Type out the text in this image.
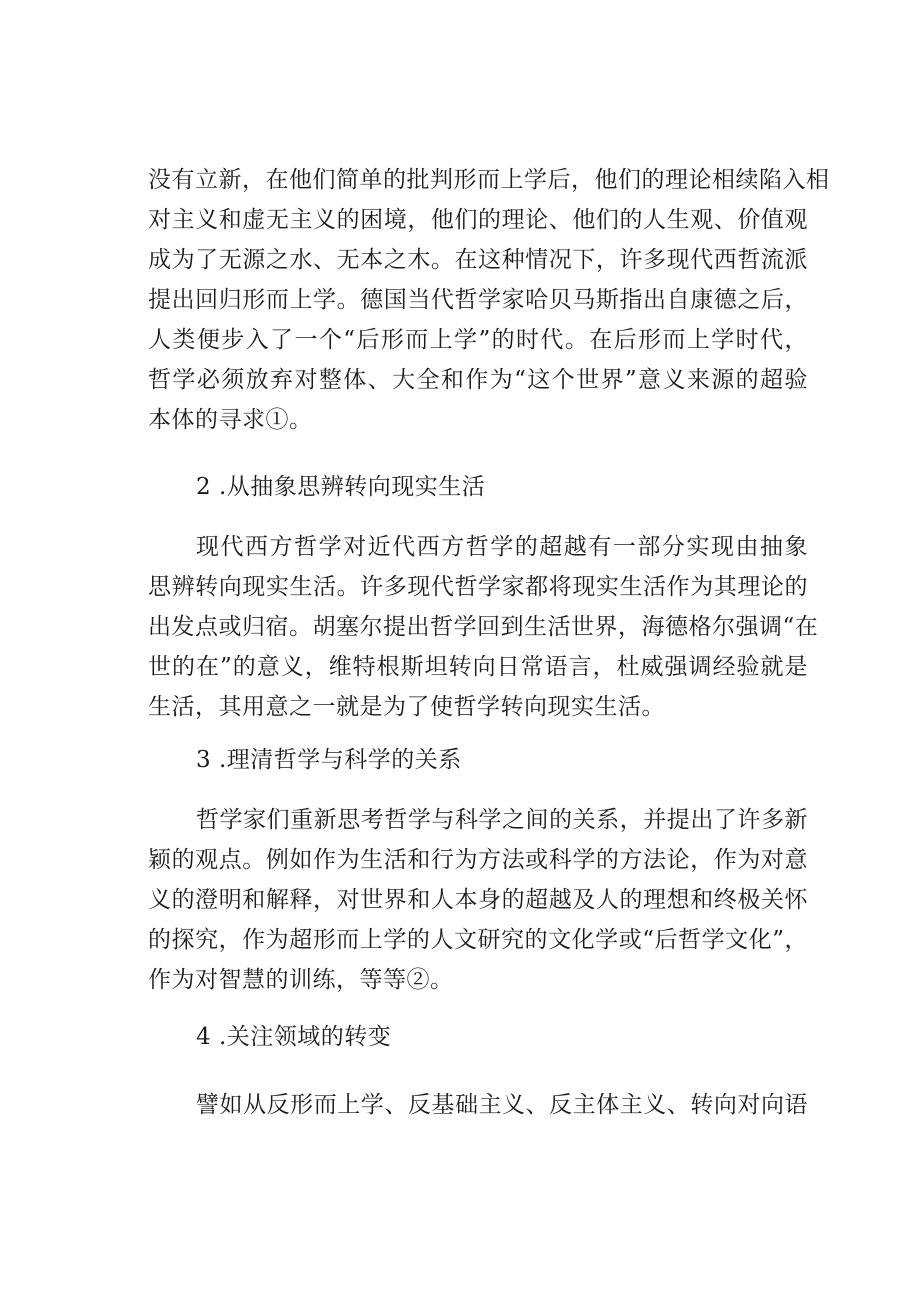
没有立新，在他们简单的批判形而上学后，他们的理论相续陷入相
对主义和虚无主义的困境，他们的理论、他们的人生观、价值观
成为了无源之水、无本之木。在这种情况下，许多现代西哲流派
提出回归形而上学。德国当代哲学家哈贝马斯指出自康德之后，
人类便步入了一个“后形而上学”的时代。在后形而上学时代，
哲学必须放弃对整体、大全和作为“这个世界”意义来源的超验
本体的寻求①。
2 .从抽象思辨转向现实生活
现代西方哲学对近代西方哲学的超越有一部分实现由抽象
思辨转向现实生活。许多现代哲学家都将现实生活作为其理论的
出发点或归宿。胡塞尔提出哲学回到生活世界，海德格尔强调“在
世的在”的意义，维特根斯坦转向日常语言，杜威强调经验就是
生活，其用意之一就是为了使哲学转向现实生活。
3 .理清哲学与科学的关系
哲学家们重新思考哲学与科学之间的关系，并提出了许多新
颖的观点。例如作为生活和行为方法或科学的方法论，作为对意
义的澄明和解释，对世界和人本身的超越及人的理想和终极关怀
的探究，作为超形而上学的人文研究的文化学或“后哲学文化”，
作为对智慧的训练，等等②。
4 .关注领域的转变
譬如从反形而上学、反基础主义、反主体主义、转向对向语
